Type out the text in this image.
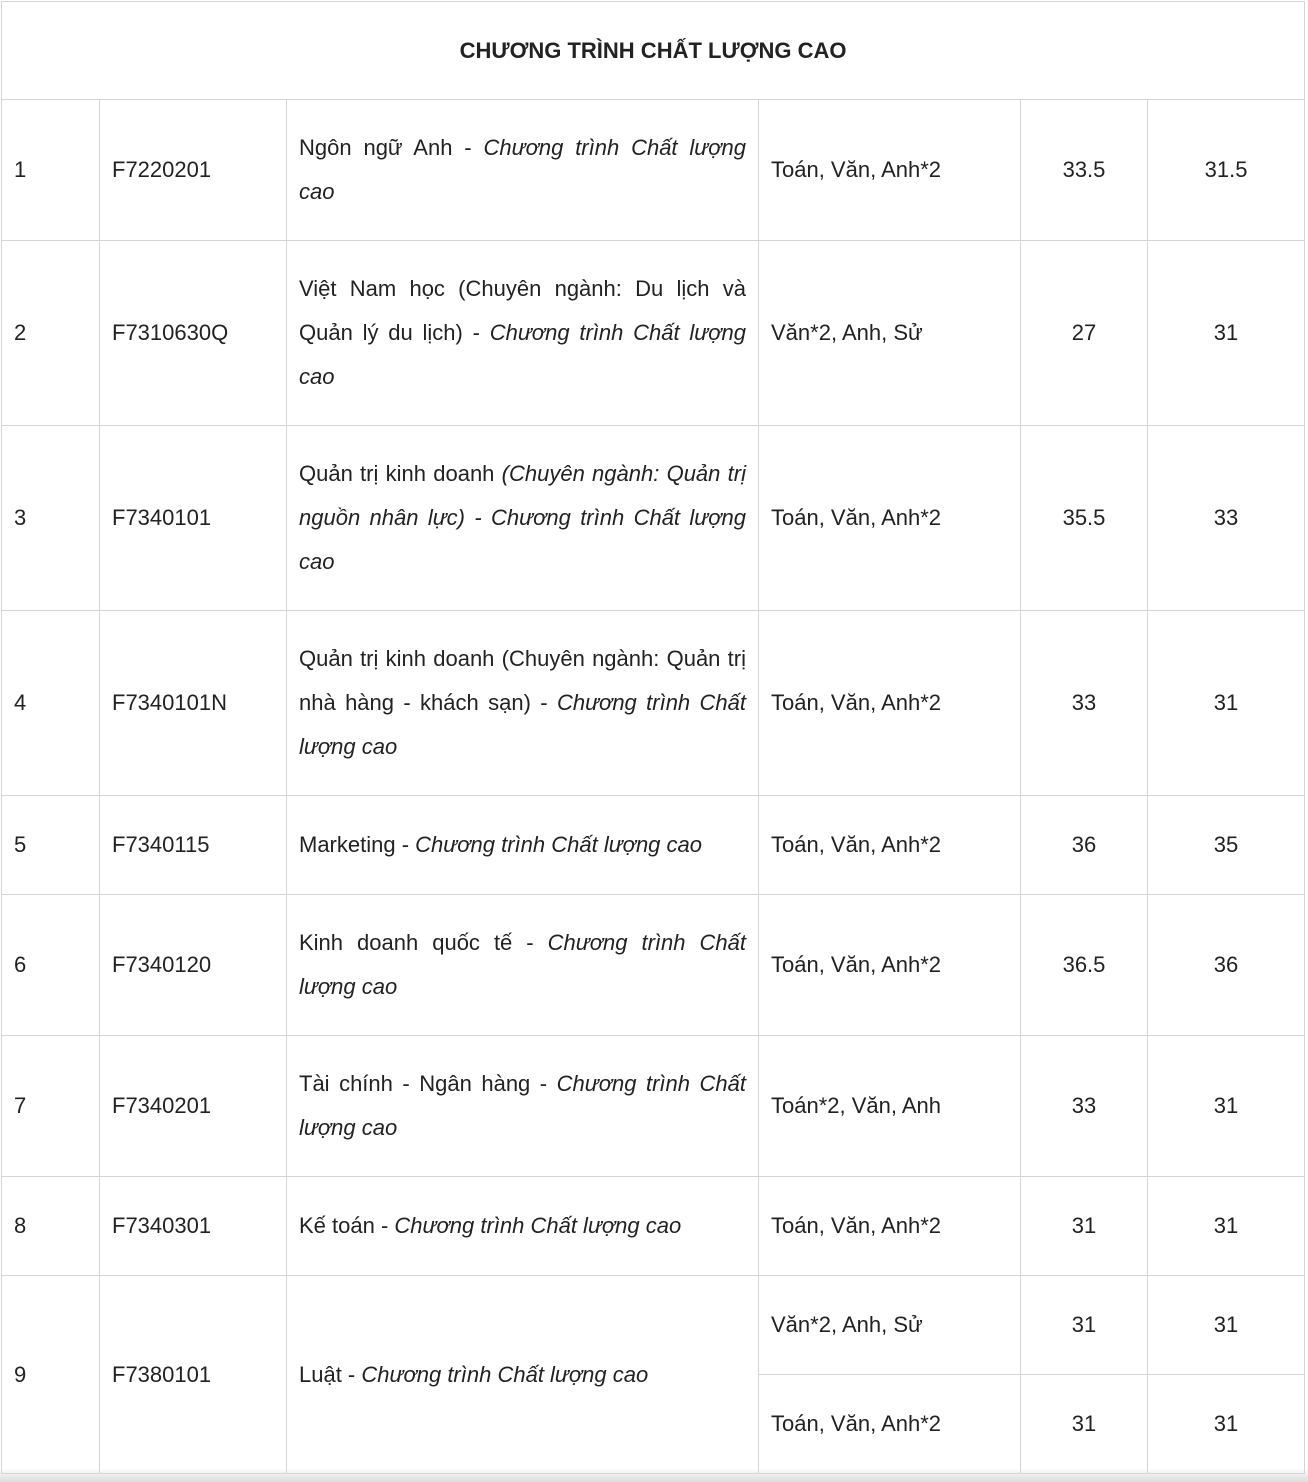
CHƯƠNG TRÌNH CHẤT LƯỢNG CAO					
1	F7220201	Ngôn ngữ Anh - Chương trình Chất lượng cao	Toán, Văn, Anh*2	33.5	31.5
2	F7310630Q	Việt Nam học (Chuyên ngành: Du lịch và Quản lý du lịch) - Chương trình Chất lượng cao	Văn*2, Anh, Sử	27	31
3	F7340101	Quản trị kinh doanh (Chuyên ngành: Quản trị nguồn nhân lực) - Chương trình Chất lượng cao	Toán, Văn, Anh*2	35.5	33
4	F7340101N	Quản trị kinh doanh (Chuyên ngành: Quản trị nhà hàng - khách sạn) - Chương trình Chất lượng cao	Toán, Văn, Anh*2	33	31
5	F7340115	Marketing - Chương trình Chất lượng cao	Toán, Văn, Anh*2	36	35
6	F7340120	Kinh doanh quốc tế - Chương trình Chất lượng cao	Toán, Văn, Anh*2	36.5	36
7	F7340201	Tài chính - Ngân hàng - Chương trình Chất lượng cao	Toán*2, Văn, Anh	33	31
8	F7340301	Kế toán - Chương trình Chất lượng cao	Toán, Văn, Anh*2	31	31
9	F7380101	Luật - Chương trình Chất lượng cao	Văn*2, Anh, Sử	31	31
			Toán, Văn, Anh*2	31	31
